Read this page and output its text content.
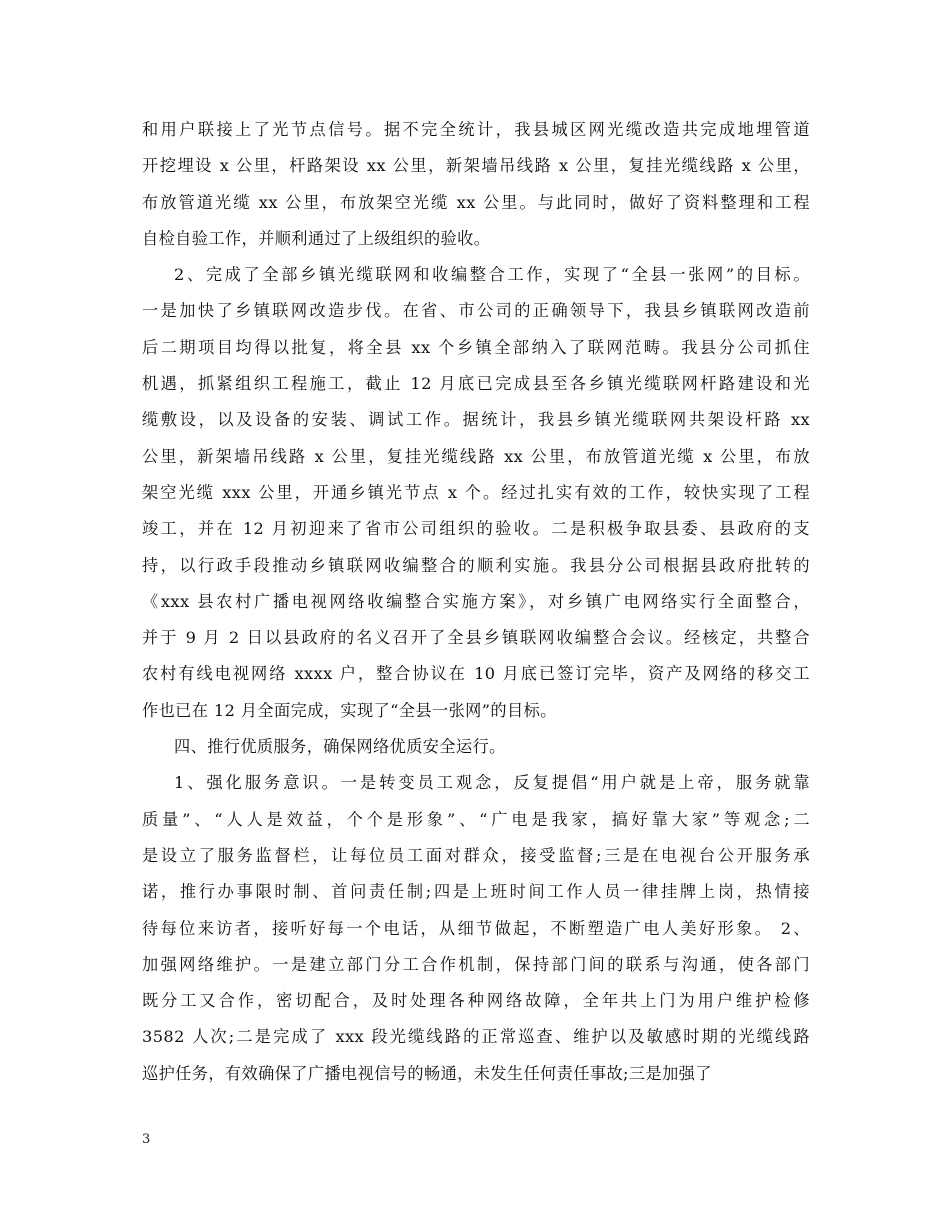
和用户联接上了光节点信号。据不完全统计，我县城区网光缆改造共完成地埋管道
开挖埋设 x 公里，杆路架设 xx 公里，新架墙吊线路 x 公里，复挂光缆线路 x 公里，
布放管道光缆 xx 公里，布放架空光缆 xx 公里。与此同时，做好了资料整理和工程
自检自验工作，并顺利通过了上级组织的验收。
2、完成了全部乡镇光缆联网和收编整合工作，实现了“全县一张网”的目标。
一是加快了乡镇联网改造步伐。在省、市公司的正确领导下，我县乡镇联网改造前
后二期项目均得以批复，将全县 xx 个乡镇全部纳入了联网范畴。我县分公司抓住
机遇，抓紧组织工程施工，截止 12 月底已完成县至各乡镇光缆联网杆路建设和光
缆敷设，以及设备的安装、调试工作。据统计，我县乡镇光缆联网共架设杆路 xx
公里，新架墙吊线路 x 公里，复挂光缆线路 xx 公里，布放管道光缆 x 公里，布放
架空光缆 xxx 公里，开通乡镇光节点 x 个。经过扎实有效的工作，较快实现了工程
竣工，并在 12 月初迎来了省市公司组织的验收。二是积极争取县委、县政府的支
持，以行政手段推动乡镇联网收编整合的顺利实施。我县分公司根据县政府批转的
《xxx 县农村广播电视网络收编整合实施方案》，对乡镇广电网络实行全面整合，
并于 9 月 2 日以县政府的名义召开了全县乡镇联网收编整合会议。经核定，共整合
农村有线电视网络 xxxx 户，整合协议在 10 月底已签订完毕，资产及网络的移交工
作也已在 12 月全面完成，实现了“全县一张网”的目标。
四、推行优质服务，确保网络优质安全运行。
1、强化服务意识。一是转变员工观念，反复提倡“用户就是上帝，服务就靠
质量”、“人人是效益，个个是形象”、“广电是我家，搞好靠大家”等观念;二
是设立了服务监督栏，让每位员工面对群众，接受监督;三是在电视台公开服务承
诺，推行办事限时制、首问责任制;四是上班时间工作人员一律挂牌上岗，热情接
待每位来访者，接听好每一个电话，从细节做起，不断塑造广电人美好形象。 2、
加强网络维护。一是建立部门分工合作机制，保持部门间的联系与沟通，使各部门
既分工又合作，密切配合，及时处理各种网络故障，全年共上门为用户维护检修
3582 人次;二是完成了 xxx 段光缆线路的正常巡查、维护以及敏感时期的光缆线路
巡护任务，有效确保了广播电视信号的畅通，未发生任何责任事故;三是加强了
3
